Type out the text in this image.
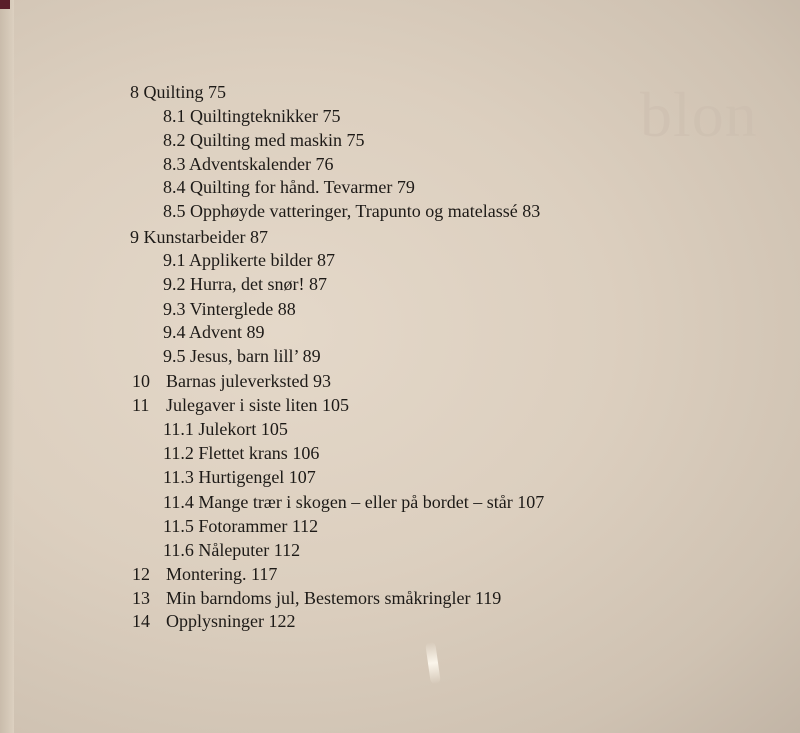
blon
8 Quilting 75
8.1 Quiltingteknikker 75
8.2 Quilting med maskin 75
8.3 Adventskalender 76
8.4 Quilting for hånd. Tevarmer 79
8.5 Opphøyde vatteringer, Trapunto og matelassé 83
9 Kunstarbeider 87
9.1 Applikerte bilder 87
9.2 Hurra, det snør! 87
9.3 Vinterglede 88
9.4 Advent 89
9.5 Jesus, barn lill’ 89
10 Barnas juleverksted 93
11 Julegaver i siste liten 105
11.1 Julekort 105
11.2 Flettet krans 106
11.3 Hurtigengel 107
11.4 Mange trær i skogen – eller på bordet – står 107
11.5 Fotorammer 112
11.6 Nåleputer 112
12 Montering. 117
13 Min barndoms jul, Bestemors småkringler 119
14 Opplysninger 122
